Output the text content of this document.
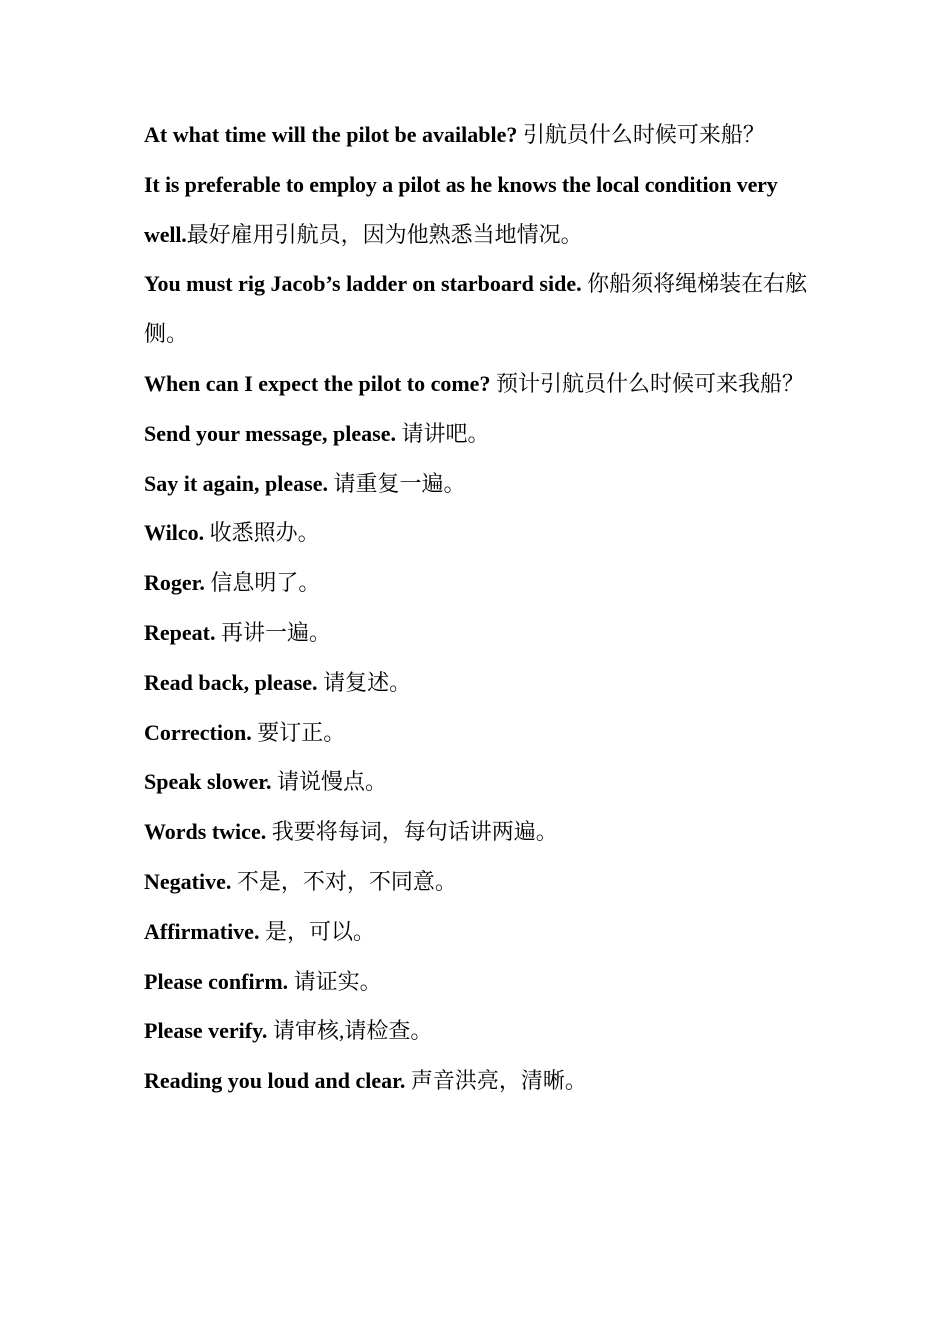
At what time will the pilot be available? 引航员什么时候可来船？

It is preferable to employ a pilot as he knows the local condition very well.最好雇用引航员，因为他熟悉当地情况。

You must rig Jacob’s ladder on starboard side. 你船须将绳梯装在右舷侧。

When can I expect the pilot to come? 预计引航员什么时候可来我船？

Send your message, please. 请讲吧。

Say it again, please. 请重复一遍。

Wilco. 收悉照办。

Roger. 信息明了。

Repeat. 再讲一遍。

Read back, please. 请复述。

Correction. 要订正。

Speak slower. 请说慢点。

Words twice. 我要将每词，每句话讲两遍。

Negative. 不是，不对，不同意。

Affirmative. 是，可以。

Please confirm. 请证实。

Please verify. 请审核,请检查。

Reading you loud and clear. 声音洪亮，清晰。
